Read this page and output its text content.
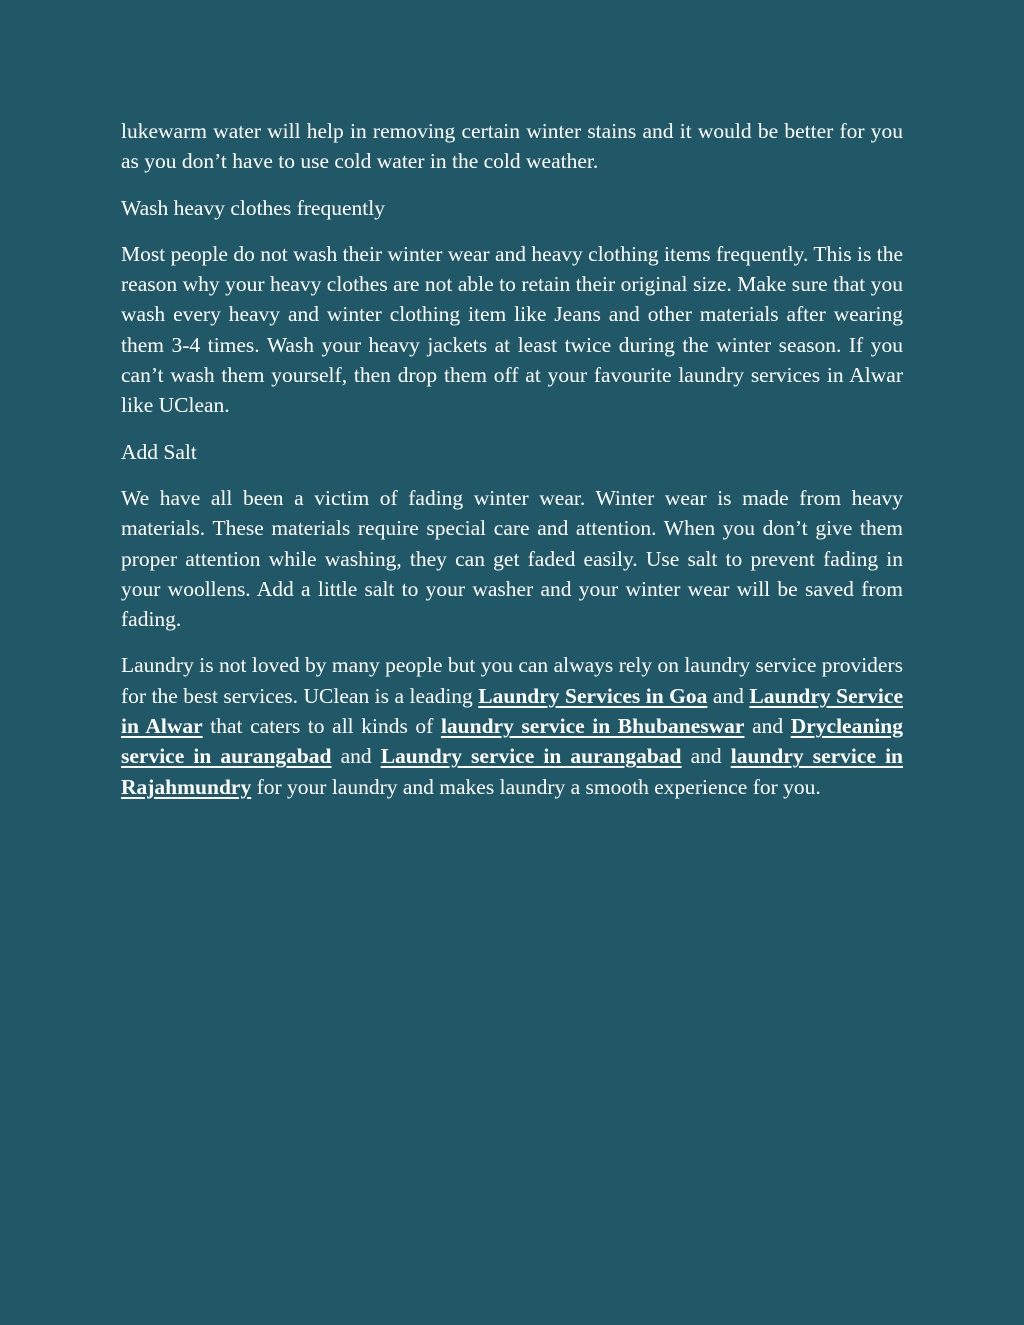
lukewarm water will help in removing certain winter stains and it would be better for you as you don’t have to use cold water in the cold weather.

Wash heavy clothes frequently

Most people do not wash their winter wear and heavy clothing items frequently. This is the reason why your heavy clothes are not able to retain their original size. Make sure that you wash every heavy and winter clothing item like Jeans and other materials after wearing them 3-4 times. Wash your heavy jackets at least twice during the winter season. If you can’t wash them yourself, then drop them off at your favourite laundry services in Alwar like UClean.

Add Salt

We have all been a victim of fading winter wear. Winter wear is made from heavy materials. These materials require special care and attention. When you don’t give them proper attention while washing, they can get faded easily. Use salt to prevent fading in your woollens. Add a little salt to your washer and your winter wear will be saved from fading.

Laundry is not loved by many people but you can always rely on laundry service providers for the best services. UClean is a leading Laundry Services in Goa and Laundry Service in Alwar that caters to all kinds of laundry service in Bhubaneswar and Drycleaning service in aurangabad and Laundry service in aurangabad and laundry service in Rajahmundry for your laundry and makes laundry a smooth experience for you.
